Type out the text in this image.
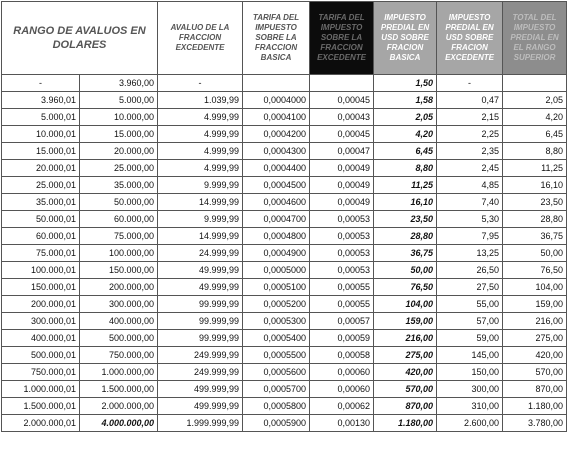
RANGO DE AVALUOS EN DOLARES		AVALUO DE LA FRACCION EXCEDENTE	TARIFA DEL IMPUESTO SOBRE LA FRACCION BASICA	TARIFA DEL IMPUESTO SOBRE LA FRACCION EXCEDENTE	IMPUESTO PREDIAL EN USD SOBRE FRACION BASICA	IMPUESTO PREDIAL EN USD SOBRE FRACION EXCEDENTE	TOTAL DEL IMPUESTO PREDIAL EN EL RANGO SUPERIOR
-	3.960,00	-			1,50	-	
3.960,01	5.000,00	1.039,99	0,0004000	0,00045	1,58	0,47	2,05
5.000,01	10.000,00	4.999,99	0,0004100	0,00043	2,05	2,15	4,20
10.000,01	15.000,00	4.999,99	0,0004200	0,00045	4,20	2,25	6,45
15.000,01	20.000,00	4.999,99	0,0004300	0,00047	6,45	2,35	8,80
20.000,01	25.000,00	4.999,99	0,0004400	0,00049	8,80	2,45	11,25
25.000,01	35.000,00	9.999,99	0,0004500	0,00049	11,25	4,85	16,10
35.000,01	50.000,00	14.999,99	0,0004600	0,00049	16,10	7,40	23,50
50.000,01	60.000,00	9.999,99	0,0004700	0,00053	23,50	5,30	28,80
60.000,01	75.000,00	14.999,99	0,0004800	0,00053	28,80	7,95	36,75
75.000,01	100.000,00	24.999,99	0,0004900	0,00053	36,75	13,25	50,00
100.000,01	150.000,00	49.999,99	0,0005000	0,00053	50,00	26,50	76,50
150.000,01	200.000,00	49.999,99	0,0005100	0,00055	76,50	27,50	104,00
200.000,01	300.000,00	99.999,99	0,0005200	0,00055	104,00	55,00	159,00
300.000,01	400.000,00	99.999,99	0,0005300	0,00057	159,00	57,00	216,00
400.000,01	500.000,00	99.999,99	0,0005400	0,00059	216,00	59,00	275,00
500.000,01	750.000,00	249.999,99	0,0005500	0,00058	275,00	145,00	420,00
750.000,01	1.000.000,00	249.999,99	0,0005600	0,00060	420,00	150,00	570,00
1.000.000,01	1.500.000,00	499.999,99	0,0005700	0,00060	570,00	300,00	870,00
1.500.000,01	2.000.000,00	499.999,99	0,0005800	0,00062	870,00	310,00	1.180,00
2.000.000,01	4.000.000,00	1.999.999,99	0,0005900	0,00130	1.180,00	2.600,00	3.780,00
